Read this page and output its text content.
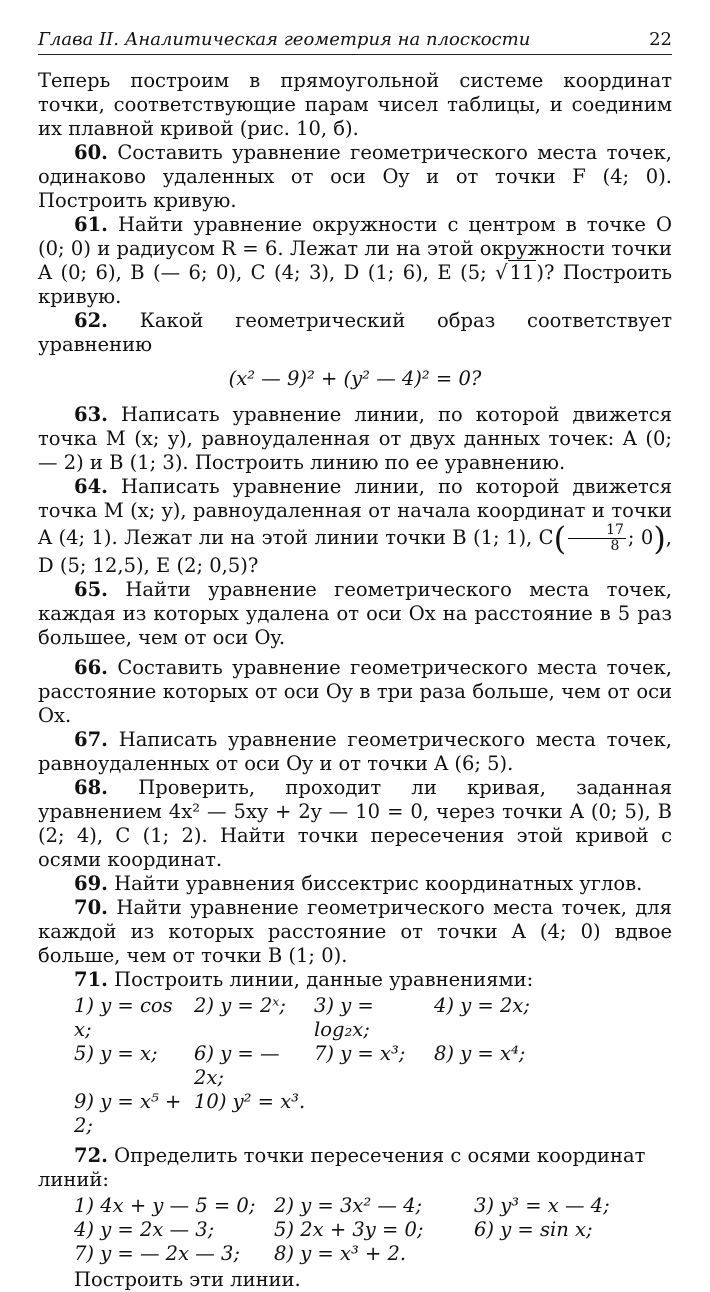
Глава II. Аналитическая геометрия на плоскости	22

Теперь построим в прямоугольной системе координат точки, соответствующие парам чисел таблицы, и соединим их плавной кривой (рис. 10, б).

60. Составить уравнение геометрического места точек, одинаково удаленных от оси Oy и от точки F (4; 0). Построить кривую.

61. Найти уравнение окружности с центром в точке O (0; 0) и радиусом R = 6. Лежат ли на этой окружности точки A (0; 6), B (— 6; 0), C (4; 3), D (1; 6), E (5; √ 11 )? Построить кривую.

62. Какой геометрический образ соответствует уравнению

(x² — 9)² + (y² — 4)² = 0?

63. Написать уравнение линии, по которой движется точка M (x; y), равноудаленная от двух данных точек: A (0; — 2) и B (1; 3). Построить линию по ее уравнению.

64. Написать уравнение линии, по которой движется точка M (x; y), равноудаленная от начала координат и точки A (4; 1). Лежат ли на этой линии точки B (1; 1), $C( \frac{17}{8}$ ; 0), D (5; 12,5), E (2; 0,5)?

65. Найти уравнение геометрического места точек, каждая из которых удалена от оси Ox на расстояние в 5 раз большее, чем от оси Oy.

66. Составить уравнение геометрического места точек, расстояние которых от оси Oy в три раза больше, чем от оси Ox.

67. Написать уравнение геометрического места точек, равноудаленных от оси Oy и от точки A (6; 5).

68. Проверить, проходит ли кривая, заданная уравнением 4x² — 5xy + 2y — 10 = 0, через точки A (0; 5), B (2; 4), C (1; 2). Найти точки пересечения этой кривой с осями координат.

69. Найти уравнения биссектрис координатных углов.

70. Найти уравнение геометрического места точек, для каждой из которых расстояние от точки A (4; 0) вдвое больше, чем от точки B (1; 0).

71. Построить линии, данные уравнениями:

1) y = cos x;
2) y = 2ˣ;	3) y = log₂x;
4) y = 2x;
5) y = x;	6) y = — 2x;
7) y = x³;	8) y = x⁴;
9) y = x⁵ + 2;
10) y² = x³.

72. Определить точки пересечения с осями координат линий:

1) 4x + y — 5 = 0; 2) y = 3x² — 4;	3) y³ = x — 4;
4) y = 2x — 3;	5) 2x + 3y = 0;	6) y = sin x;
7) y = — 2x — 3;	8) y = x³ + 2.

Построить эти линии.
